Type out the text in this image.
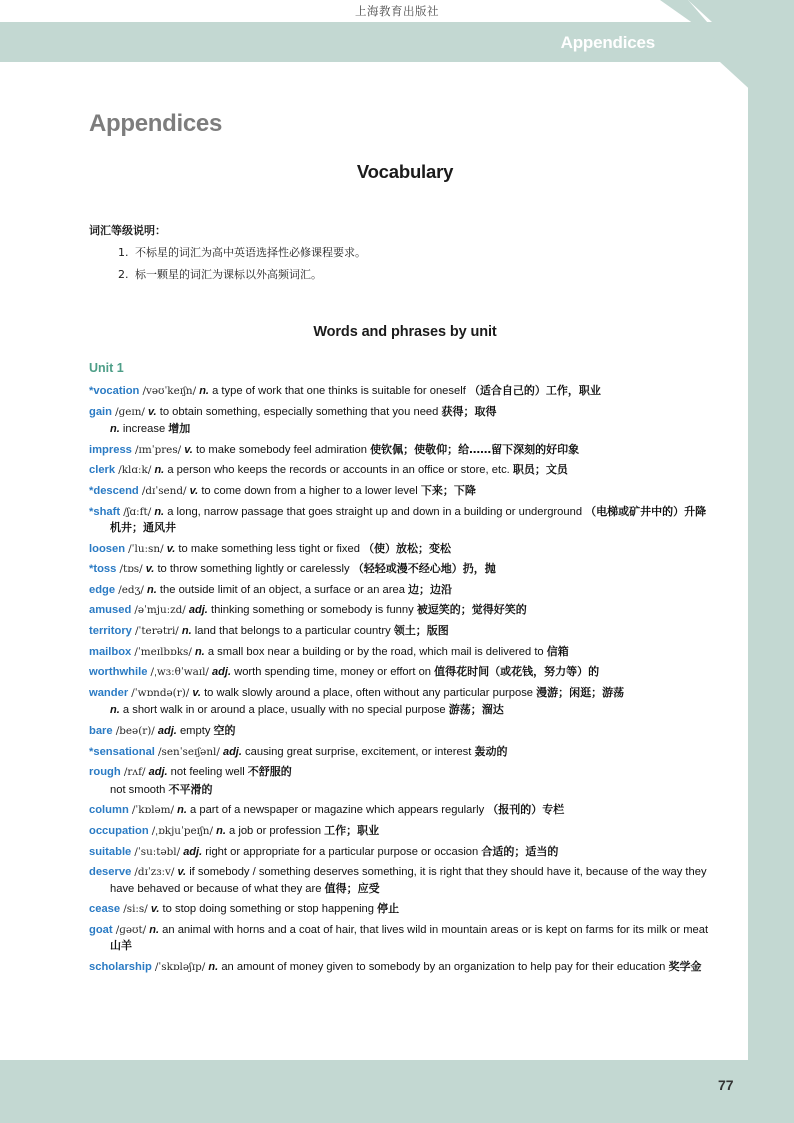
上海教育出版社
Appendices
Appendices
Vocabulary
词汇等级说明：
1. 不标星的词汇为高中英语选择性必修课程要求。
2. 标一颗星的词汇为课标以外高频词汇。
Words and phrases by unit
Unit 1
*vocation /vəʊˈkeɪʃn/ n. a type of work that one thinks is suitable for oneself （适合自己的）工作，职业
gain /ɡeɪn/ v. to obtain something, especially something that you need 获得；取得
n. increase 增加
impress /ɪmˈpres/ v. to make somebody feel admiration 使钦佩；使敬仰；给……留下深刻的好印象
clerk /klɑːk/ n. a person who keeps the records or accounts in an office or store, etc. 职员；文员
*descend /dɪˈsend/ v. to come down from a higher to a lower level 下来；下降
*shaft /ʃɑːft/ n. a long, narrow passage that goes straight up and down in a building or underground （电梯或矿井中的）升降机井；通风井
loosen /ˈluːsn/ v. to make something less tight or fixed （使）放松；变松
*toss /tɒs/ v. to throw something lightly or carelessly （轻轻或漫不经心地）扔，抛
edge /edʒ/ n. the outside limit of an object, a surface or an area 边；边沿
amused /əˈmjuːzd/ adj. thinking something or somebody is funny 被逗笑的；觉得好笑的
territory /ˈterətri/ n. land that belongs to a particular country 领土；版图
mailbox /ˈmeɪlbɒks/ n. a small box near a building or by the road, which mail is delivered to 信箱
worthwhile /ˌwɜːθˈwaɪl/ adj. worth spending time, money or effort on 值得花时间（或花钱，努力等）的
wander /ˈwɒndə(r)/ v. to walk slowly around a place, often without any particular purpose 漫游；闲逛；游荡
n. a short walk in or around a place, usually with no special purpose 游荡；溜达
bare /beə(r)/ adj. empty 空的
*sensational /senˈseɪʃənl/ adj. causing great surprise, excitement, or interest 轰动的
rough /rʌf/ adj. not feeling well 不舒服的
not smooth 不平滑的
column /ˈkɒləm/ n. a part of a newspaper or magazine which appears regularly （报刊的）专栏
occupation /ˌɒkjuˈpeɪʃn/ n. a job or profession 工作；职业
suitable /ˈsuːtəbl/ adj. right or appropriate for a particular purpose or occasion 合适的；适当的
deserve /dɪˈzɜːv/ v. if somebody / something deserves something, it is right that they should have it, because of the way they have behaved or because of what they are 值得；应受
cease /siːs/ v. to stop doing something or stop happening 停止
goat /ɡəʊt/ n. an animal with horns and a coat of hair, that lives wild in mountain areas or is kept on farms for its milk or meat 山羊
scholarship /ˈskɒləʃɪp/ n. an amount of money given to somebody by an organization to help pay for their education 奖学金
77
